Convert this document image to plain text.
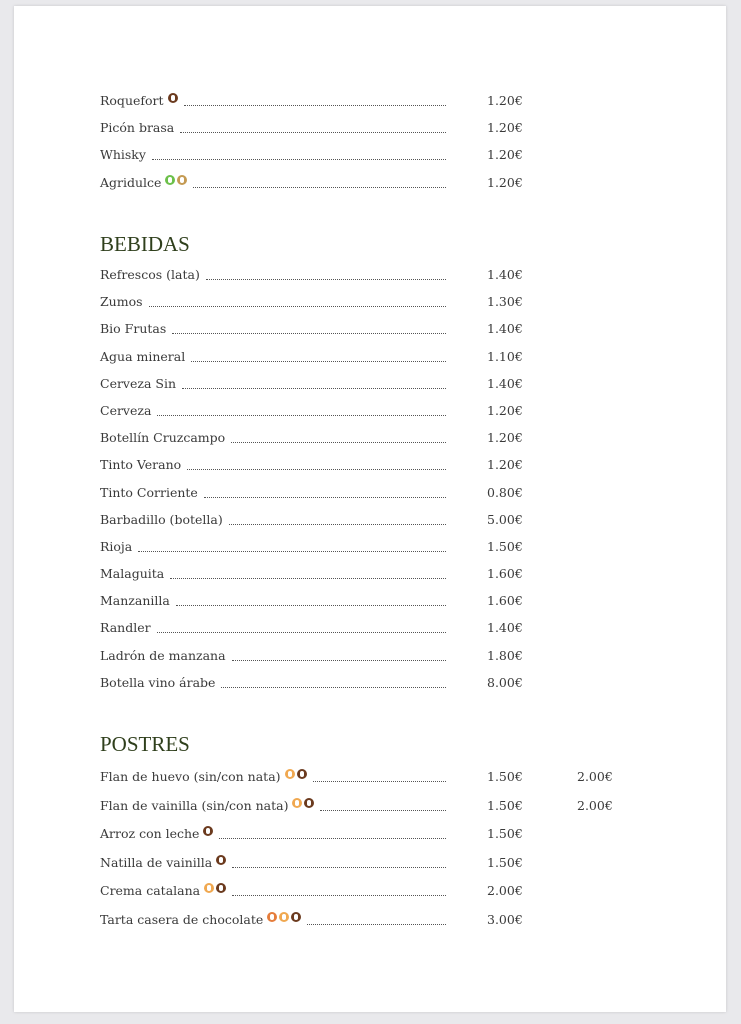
Roquefort	1.20€
Picón brasa	1.20€
Whisky	1.20€
Agridulce	1.20€
BEBIDAS
Refrescos (lata)	1.40€
Zumos	1.30€
Bio Frutas	1.40€
Agua mineral	1.10€
Cerveza Sin	1.40€
Cerveza	1.20€
Botellín Cruzcampo	1.20€
Tinto Verano	1.20€
Tinto Corriente	0.80€
Barbadillo (botella)	5.00€
Rioja	1.50€
Malaguita	1.60€
Manzanilla	1.60€
Randler	1.40€
Ladrón de manzana	1.80€
Botella vino árabe	8.00€
POSTRES
Flan de huevo (sin/con nata)	1.50€	2.00€
Flan de vainilla (sin/con nata)	1.50€	2.00€
Arroz con leche	1.50€
Natilla de vainilla	1.50€
Crema catalana	2.00€
Tarta casera de chocolate	3.00€
